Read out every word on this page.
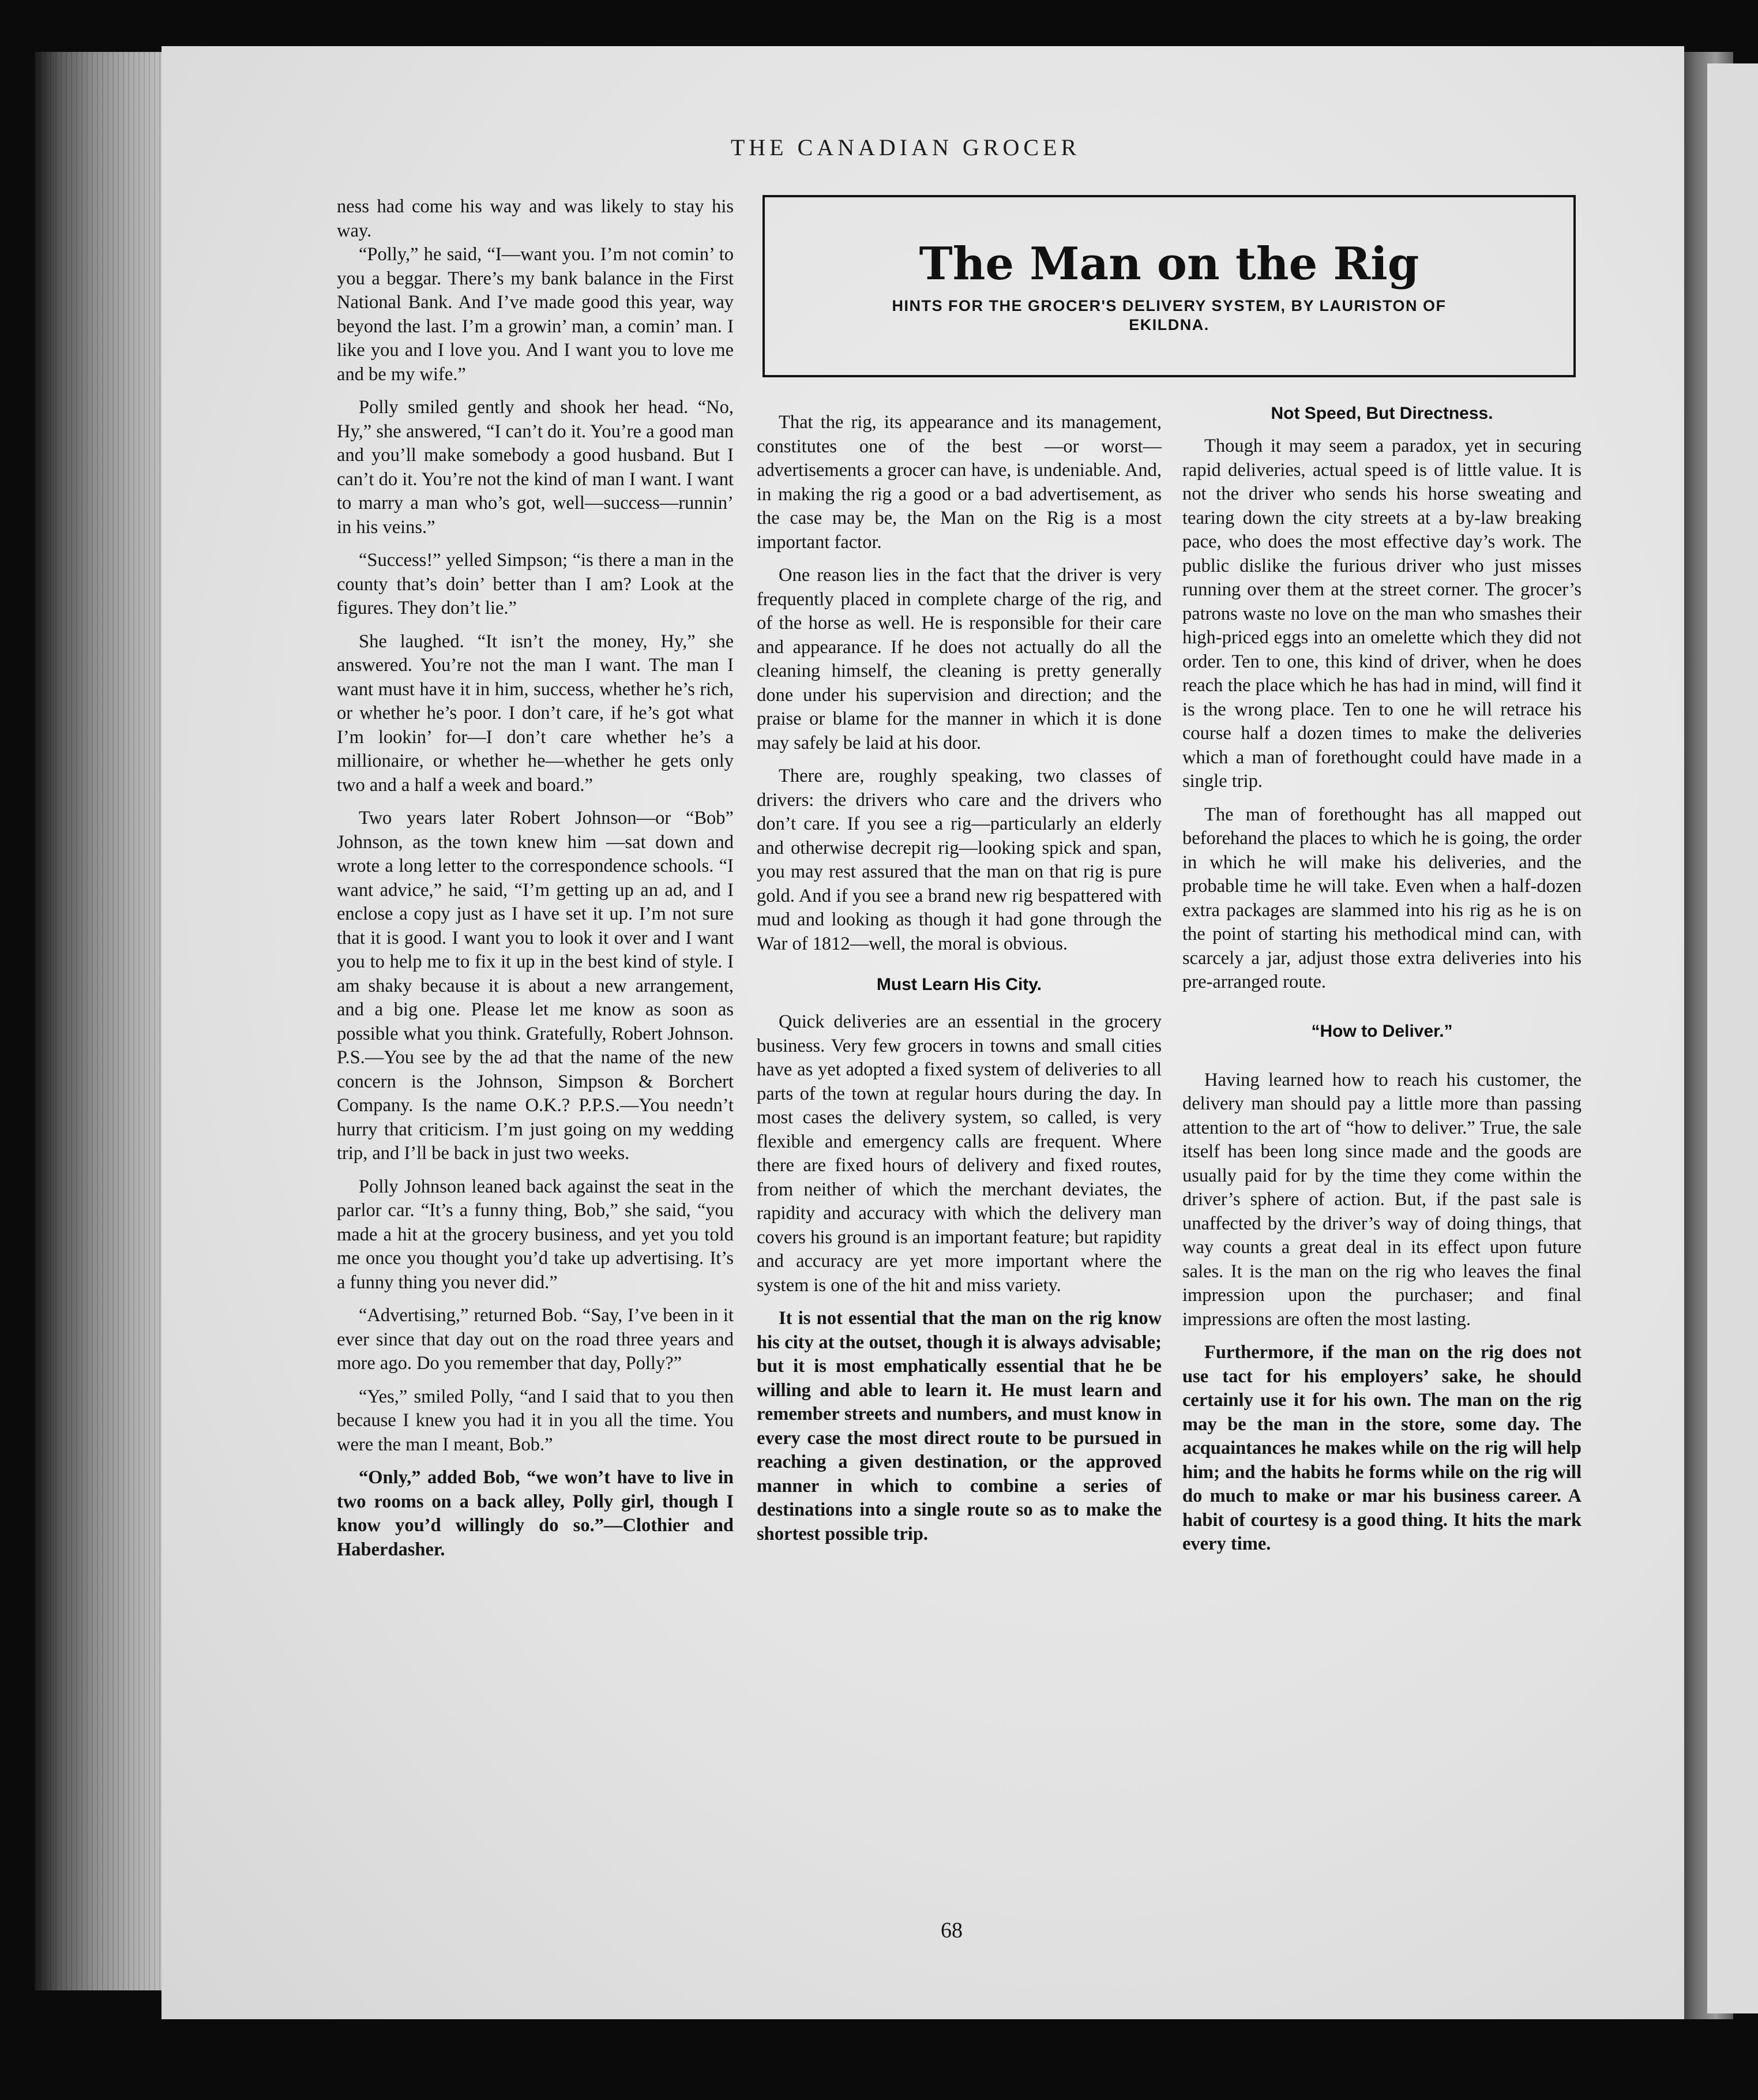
THE CANADIAN GROCER

ness had come his way and was likely to stay his way.

“Polly,” he said, “I—want you. I’m not comin’ to you a beggar. There’s my bank balance in the First National Bank. And I’ve made good this year, way beyond the last. I’m a growin’ man, a comin’ man. I like you and I love you. And I want you to love me and be my wife.”

Polly smiled gently and shook her head. “No, Hy,” she answered, “I can’t do it. You’re a good man and you’ll make somebody a good husband. But I can’t do it. You’re not the kind of man I want. I want to marry a man who’s got, well—success—runnin’ in his veins.”

“Success!” yelled Simpson; “is there a man in the county that’s doin’ better than I am? Look at the figures. They don’t lie.”

She laughed. “It isn’t the money, Hy,” she answered. You’re not the man I want. The man I want must have it in him, success, whether he’s rich, or whether he’s poor. I don’t care, if he’s got what I’m lookin’ for—I don’t care whether he’s a millionaire, or whether he—whether he gets only two and a half a week and board.”

Two years later Robert Johnson—or “Bob” Johnson, as the town knew him —sat down and wrote a long letter to the correspondence schools. “I want advice,” he said, “I’m getting up an ad, and I enclose a copy just as I have set it up. I’m not sure that it is good. I want you to look it over and I want you to help me to fix it up in the best kind of style. I am shaky because it is about a new arrangement, and a big one. Please let me know as soon as possible what you think. Gratefully, Robert Johnson. P.S.—You see by the ad that the name of the new concern is the Johnson, Simpson & Borchert Company. Is the name O.K.? P.P.S.—You needn’t hurry that criticism. I’m just going on my wedding trip, and I’ll be back in just two weeks.

Polly Johnson leaned back against the seat in the parlor car. “It’s a funny thing, Bob,” she said, “you made a hit at the grocery business, and yet you told me once you thought you’d take up advertising. It’s a funny thing you never did.”

“Advertising,” returned Bob. “Say, I’ve been in it ever since that day out on the road three years and more ago. Do you remember that day, Polly?”

“Yes,” smiled Polly, “and I said that to you then because I knew you had it in you all the time. You were the man I meant, Bob.”

“Only,” added Bob, “we won’t have to live in two rooms on a back alley, Polly girl, though I know you’d willingly do so.”—Clothier and Haberdasher.

The Man on the Rig
HINTS FOR THE GROCER'S DELIVERY SYSTEM, BY LAURISTON OF EKILDNA.

That the rig, its appearance and its management, constitutes one of the best —or worst—advertisements a grocer can have, is undeniable. And, in making the rig a good or a bad advertisement, as the case may be, the Man on the Rig is a most important factor.

One reason lies in the fact that the driver is very frequently placed in complete charge of the rig, and of the horse as well. He is responsible for their care and appearance. If he does not actually do all the cleaning himself, the cleaning is pretty generally done under his supervision and direction; and the praise or blame for the manner in which it is done may safely be laid at his door.

There are, roughly speaking, two classes of drivers: the drivers who care and the drivers who don’t care. If you see a rig—particularly an elderly and otherwise decrepit rig—looking spick and span, you may rest assured that the man on that rig is pure gold. And if you see a brand new rig bespattered with mud and looking as though it had gone through the War of 1812—well, the moral is obvious.

Must Learn His City.

Quick deliveries are an essential in the grocery business. Very few grocers in towns and small cities have as yet adopted a fixed system of deliveries to all parts of the town at regular hours during the day. In most cases the delivery system, so called, is very flexible and emergency calls are frequent. Where there are fixed hours of delivery and fixed routes, from neither of which the merchant deviates, the rapidity and accuracy with which the delivery man covers his ground is an important feature; but rapidity and accuracy are yet more important where the system is one of the hit and miss variety.

It is not essential that the man on the rig know his city at the outset, though it is always advisable; but it is most emphatically essential that he be willing and able to learn it. He must learn and remember streets and numbers, and must know in every case the most direct route to be pursued in reaching a given destination, or the approved manner in which to combine a series of destinations into a single route so as to make the shortest possible trip.

Not Speed, But Directness.

Though it may seem a paradox, yet in securing rapid deliveries, actual speed is of little value. It is not the driver who sends his horse sweating and tearing down the city streets at a by-law breaking pace, who does the most effective day’s work. The public dislike the furious driver who just misses running over them at the street corner. The grocer’s patrons waste no love on the man who smashes their high-priced eggs into an omelette which they did not order. Ten to one, this kind of driver, when he does reach the place which he has had in mind, will find it is the wrong place. Ten to one he will retrace his course half a dozen times to make the deliveries which a man of forethought could have made in a single trip.

The man of forethought has all mapped out beforehand the places to which he is going, the order in which he will make his deliveries, and the probable time he will take. Even when a half-dozen extra packages are slammed into his rig as he is on the point of starting his methodical mind can, with scarcely a jar, adjust those extra deliveries into his pre-arranged route.

“How to Deliver.”

Having learned how to reach his customer, the delivery man should pay a little more than passing attention to the art of “how to deliver.” True, the sale itself has been long since made and the goods are usually paid for by the time they come within the driver’s sphere of action. But, if the past sale is unaffected by the driver’s way of doing things, that way counts a great deal in its effect upon future sales. It is the man on the rig who leaves the final impression upon the purchaser; and final impressions are often the most lasting.

Furthermore, if the man on the rig does not use tact for his employers’ sake, he should certainly use it for his own. The man on the rig may be the man in the store, some day. The acquaintances he makes while on the rig will help him; and the habits he forms while on the rig will do much to make or mar his business career. A habit of courtesy is a good thing. It hits the mark every time.

68
